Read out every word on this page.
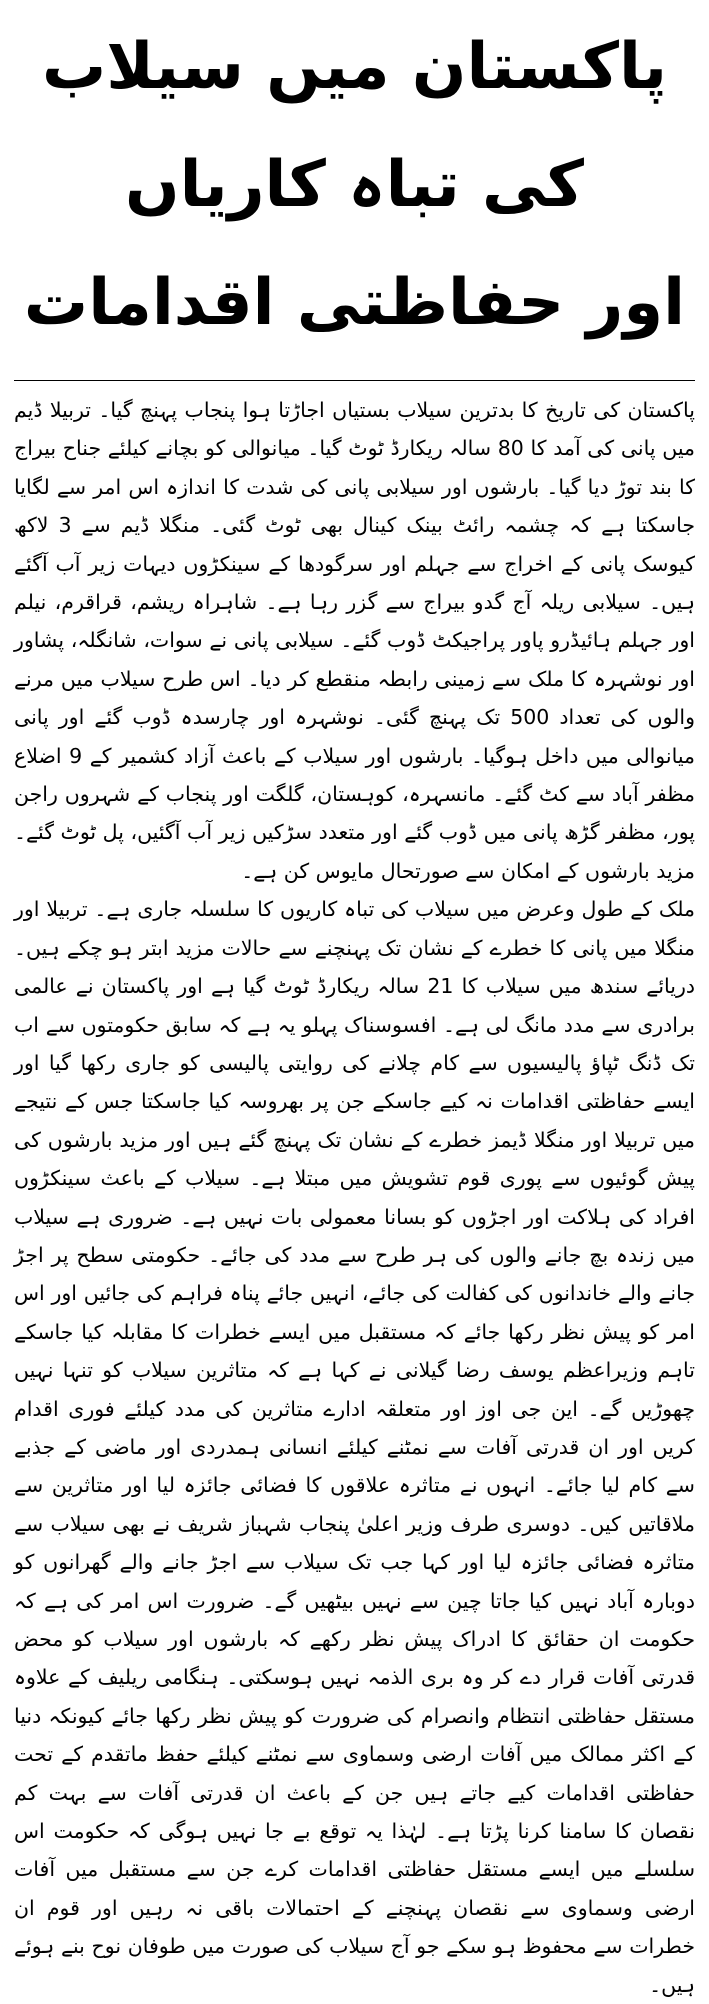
پاکستان میں سیلاب کی تباہ کاریاں
اور حفاظتی اقدامات

پاکستان کی تاریخ کا بدترین سیلاب بستیاں اجاڑتا ہوا پنجاب پہنچ گیا۔ تربیلا ڈیم میں پانی کی آمد کا 80 سالہ ریکارڈ ٹوٹ گیا۔ میانوالی کو بچانے کیلئے جناح بیراج کا بند توڑ دیا گیا۔ بارشوں اور سیلابی پانی کی شدت کا اندازہ اس امر سے لگایا جاسکتا ہے کہ چشمہ رائٹ بینک کینال بھی ٹوٹ گئی۔ منگلا ڈیم سے 3 لاکھ کیوسک پانی کے اخراج سے جہلم اور سرگودھا کے سینکڑوں دیہات زیر آب آگئے ہیں۔ سیلابی ریلہ آج گدو بیراج سے گزر رہا ہے۔ شاہراہ ریشم، قراقرم، نیلم اور جہلم ہائیڈرو پاور پراجیکٹ ڈوب گئے۔ سیلابی پانی نے سوات، شانگلہ، پشاور اور نوشہرہ کا ملک سے زمینی رابطہ منقطع کر دیا۔ اس طرح سیلاب میں مرنے والوں کی تعداد 500 تک پہنچ گئی۔ نوشہرہ اور چارسدہ ڈوب گئے اور پانی میانوالی میں داخل ہوگیا۔ بارشوں اور سیلاب کے باعث آزاد کشمیر کے 9 اضلاع مظفر آباد سے کٹ گئے۔ مانسہرہ، کوہستان، گلگت اور پنجاب کے شہروں راجن پور، مظفر گڑھ پانی میں ڈوب گئے اور متعدد سڑکیں زیر آب آگئیں، پل ٹوٹ گئے۔ مزید بارشوں کے امکان سے صورتحال مایوس کن ہے۔

ملک کے طول وعرض میں سیلاب کی تباہ کاریوں کا سلسلہ جاری ہے۔ تربیلا اور منگلا میں پانی کا خطرے کے نشان تک پہنچنے سے حالات مزید ابتر ہو چکے ہیں۔ دریائے سندھ میں سیلاب کا 21 سالہ ریکارڈ ٹوٹ گیا ہے اور پاکستان نے عالمی برادری سے مدد مانگ لی ہے۔ افسوسناک پہلو یہ ہے کہ سابق حکومتوں سے اب تک ڈنگ ٹپاؤ پالیسیوں سے کام چلانے کی روایتی پالیسی کو جاری رکھا گیا اور ایسے حفاظتی اقدامات نہ کیے جاسکے جن پر بھروسہ کیا جاسکتا جس کے نتیجے میں تربیلا اور منگلا ڈیمز خطرے کے نشان تک پہنچ گئے ہیں اور مزید بارشوں کی پیش گوئیوں سے پوری قوم تشویش میں مبتلا ہے۔ سیلاب کے باعث سینکڑوں افراد کی ہلاکت اور اجڑوں کو بسانا معمولی بات نہیں ہے۔ ضروری ہے سیلاب میں زندہ بچ جانے والوں کی ہر طرح سے مدد کی جائے۔ حکومتی سطح پر اجڑ جانے والے خاندانوں کی کفالت کی جائے، انہیں جائے پناہ فراہم کی جائیں اور اس امر کو پیش نظر رکھا جائے کہ مستقبل میں ایسے خطرات کا مقابلہ کیا جاسکے تاہم وزیراعظم یوسف رضا گیلانی نے کہا ہے کہ متاثرین سیلاب کو تنہا نہیں چھوڑیں گے۔ این جی اوز اور متعلقہ ادارے متاثرین کی مدد کیلئے فوری اقدام کریں اور ان قدرتی آفات سے نمٹنے کیلئے انسانی ہمدردی اور ماضی کے جذبے سے کام لیا جائے۔ انہوں نے متاثرہ علاقوں کا فضائی جائزہ لیا اور متاثرین سے ملاقاتیں کیں۔ دوسری طرف وزیر اعلیٰ پنجاب شہباز شریف نے بھی سیلاب سے متاثرہ فضائی جائزہ لیا اور کہا جب تک سیلاب سے اجڑ جانے والے گھرانوں کو دوبارہ آباد نہیں کیا جاتا چین سے نہیں بیٹھیں گے۔ ضرورت اس امر کی ہے کہ حکومت ان حقائق کا ادراک پیش نظر رکھے کہ بارشوں اور سیلاب کو محض قدرتی آفات قرار دے کر وہ بری الذمہ نہیں ہوسکتی۔ ہنگامی ریلیف کے علاوہ مستقل حفاظتی انتظام وانصرام کی ضرورت کو پیش نظر رکھا جائے کیونکہ دنیا کے اکثر ممالک میں آفات ارضی وسماوی سے نمٹنے کیلئے حفظ ماتقدم کے تحت حفاظتی اقدامات کیے جاتے ہیں جن کے باعث ان قدرتی آفات سے بہت کم نقصان کا سامنا کرنا پڑتا ہے۔ لہٰذا یہ توقع بے جا نہیں ہوگی کہ حکومت اس سلسلے میں ایسے مستقل حفاظتی اقدامات کرے جن سے مستقبل میں آفات ارضی وسماوی سے نقصان پہنچنے کے احتمالات باقی نہ رہیں اور قوم ان خطرات سے محفوظ ہو سکے جو آج سیلاب کی صورت میں طوفان نوح بنے ہوئے ہیں۔
